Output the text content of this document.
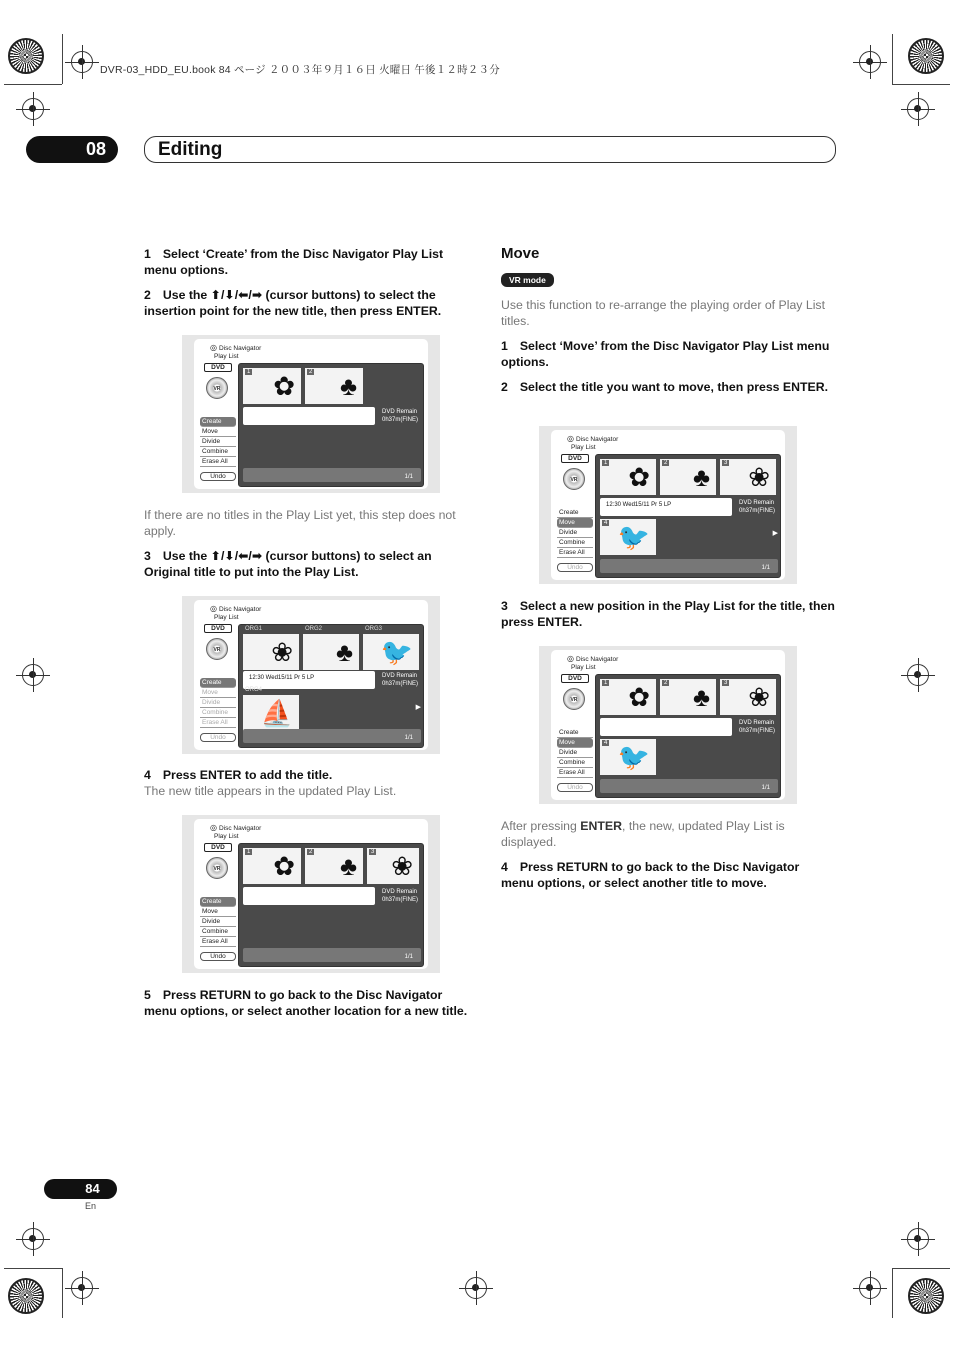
DVR-03_HDD_EU.book 84 ページ ２００３年９月１６日 火曜日 午後１２時２３分
08	Editing

1 Select ‘Create’ from the Disc Navigator Play List menu options.

2 Use the ⬆/⬇/⬅/➡ (cursor buttons) to select the insertion point for the new title, then press ENTER.

◎ Disc Navigator
Play List
DVD
VR
Create
Move
Divide
Combine
Erase All
Undo
1 ✿	2 ♣
DVD Remain
0h37m(FINE)
1/1

If there are no titles in the Play List yet, this step does not apply.

3 Use the ⬆/⬇/⬅/➡ (cursor buttons) to select an Original title to put into the Play List.

◎ Disc Navigator
Play List
DVD
VR
Create
Move
Divide
Combine
Erase All
Undo
ORG1
❀
ORG2
♣
ORG3
🐦
12:30 Wed15/11 Pr 5 LP	DVD Remain
0h37m(FINE)
ORG4
⛵	▶
1/1

4 Press ENTER to add the title.

The new title appears in the updated Play List.

◎ Disc Navigator
Play List
DVD
VR
Create
Move
Divide
Combine
Erase All
Undo
1 ✿	2 ♣	3 ❀
DVD Remain
0h37m(FINE)
1/1

5 Press RETURN to go back to the Disc Navigator menu options, or select another location for a new title.

Move
VR mode

Use this function to re-arrange the playing order of Play List titles.

1 Select ‘Move’ from the Disc Navigator Play List menu options.

2 Select the title you want to move, then press ENTER.

◎ Disc Navigator
Play List
DVD
VR
Create
Move
Divide
Combine
Erase All
Undo
1 ✿	2 ♣	3 ❀
12:30 Wed15/11 Pr 5 LP	DVD Remain
0h37m(FINE)
4 🐦	▶
1/1

3 Select a new position in the Play List for the title, then press ENTER.

◎ Disc Navigator
Play List
DVD
VR
Create
Move
Divide
Combine
Erase All
Undo
1 ✿	2 ♣	3 ❀
DVD Remain
0h37m(FINE)
4 🐦
1/1

After pressing ENTER, the new, updated Play List is displayed.

4 Press RETURN to go back to the Disc Navigator menu options, or select another title to move.

84
En
